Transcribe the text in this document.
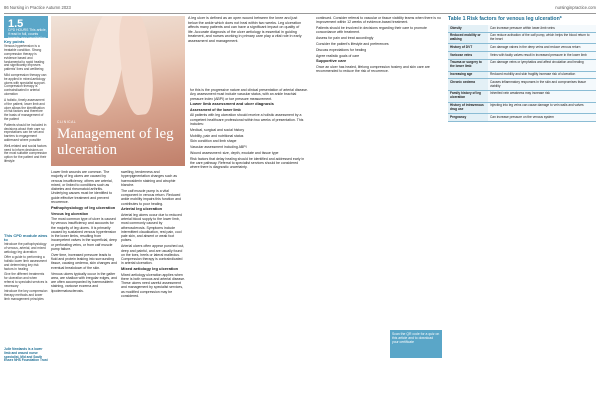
86 Nursing in Practice Autumn 2023	nursinginpractice.com
1.5
CPD HOURS This article, if read in full, counts towards your revalidation
Key points

Venous hypertension is a treatable condition. Strong compression therapy is evidence based and fundamental to rapid healing and significantly improves patients' lives and wellbeing

Mild compression therapy can be applied in mixed-aetiology ulcers with specialist support. Compression therapy is contraindicated in arterial ulceration

A holistic, timely assessment of the patient, lower limb and ulcer allows the identification of risk factors and therefore the basis of management of the patient

Patients should be included in decisions about their care so expectations can be set and barriers to engagement addressed where possible

Well-related and social factors need to inform decisions on the most suitable compression option for the patient and their lifestyle

This CPD module aims to

Introduce the pathophysiology of venous, arterial, and mixed aetiology leg ulceration

Offer a guide to performing a holistic lower limb assessment and determining key risk factors in healing

Give the different treatments for ulceration and when referral to specialist services is necessary

Introduce the key compression therapy methods and lower limb management principles

Julie Newlands is a lower limb and wound nurse specialist, Mid and South Essex NHS Foundation Trust
CLINICAL
Management of leg ulceration
A leg ulcer is defined as an open wound between the knee and just below the ankle which does not heal within two weeks. Leg ulceration affects many patients and can have a significant impact on quality of life. Accurate diagnosis of the ulcer aetiology is essential in guiding treatment, and nurses working in primary care play a vital role in early assessment and management.

Lower limb wounds are common. The majority of leg ulcers are caused by venous insufficiency; others are arterial, mixed, or linked to conditions such as diabetes and rheumatoid arthritis. Underlying causes must be identified to guide effective treatment and prevent recurrence.

Pathophysiology of leg ulceration
Venous leg ulceration

The most common type of ulcer is caused by venous insufficiency and accounts for the majority of leg ulcers. It is primarily caused by sustained venous hypertension in the lower limbs, resulting from incompetent valves in the superficial, deep or perforating veins, or from calf muscle pump failure.

Over time, increased pressure leads to fluid and protein leaking into surrounding tissue, causing oedema, skin changes and eventual breakdown of the skin.

Venous ulcers typically occur in the gaiter area, are shallow with irregular edges, and are often accompanied by haemosiderin staining, varicose eczema and lipodermatosclerosis.

swelling, tenderness and hyperpigmentation changes such as haemosiderin staining and atrophie blanche.

The calf muscle pump is a vital component in venous return. Reduced ankle mobility impairs this function and contributes to poor healing.

Arterial leg ulceration

Arterial leg ulcers occur due to reduced arterial blood supply to the lower limb, most commonly caused by atherosclerosis. Symptoms include intermittent claudication, rest pain, cool pale skin, and absent or weak foot pulses.

Arterial ulcers often appear punched out, deep and painful, and are usually found on the toes, heels or lateral malleolus. Compression therapy is contraindicated in arterial ulceration.

Mixed aetiology leg ulceration

Mixed aetiology ulceration applies when there is both venous and arterial disease. These ulcers need careful assessment and management by specialist services, as modified compression may be considered.

for this is the progressive nature and clinical presentation of arterial disease. Any assessment must include vascular status, with an ankle brachial pressure index (ABPI) or toe pressure measurement.

Lower limb assessment and ulcer diagnosis
Assessment of the lower limb

All patients with leg ulceration should receive a holistic assessment by a competent healthcare professional within two weeks of presentation. This includes:

Medical, surgical and social history

Mobility, pain and nutritional status

Skin condition and limb shape

Vascular assessment including ABPI

Wound assessment: size, depth, exudate and tissue type

Risk factors that delay healing should be identified and addressed early in the care pathway. Referral to specialist services should be considered where there is diagnostic uncertainty.

continued. Consider referral to vascular or tissue viability teams when there is no improvement within 12 weeks of evidence-based treatment.

Patients should be involved in decisions regarding their care to promote concordance with treatment.

Assess for pain and treat accordingly

Consider the patient's lifestyle and preferences

Discuss expectations for healing

Agree realistic goals of care

Supportive care

Once an ulcer has healed, lifelong compression hosiery and skin care are recommended to reduce the risk of recurrence.

Scan the QR code for a quiz on this article and to download your certificate
Table 1 Risk factors for venous leg ulceration*
Obesity	Can increase pressure within lower-limb veins
Reduced mobility or walking	Can reduce activation of the calf pump, which helps the blood return to the heart
History of DVT	Can damage valves in the deep veins and reduce venous return
Varicose veins	Veins with faulty valves result in increased pressure in the lower limb
Trauma or surgery to the lower limb	Can damage veins or lymphatics and affect circulation and healing
Increasing age	Reduced mobility and skin fragility increase risk of ulceration
Chronic oedema	Causes inflammatory responses in the skin and compromises tissue viability
Family history of leg ulceration	Inherited vein weakness may increase risk
History of intravenous drug use	Injecting into leg veins can cause damage to vein walls and valves
Pregnancy	Can increase pressure on the venous system
